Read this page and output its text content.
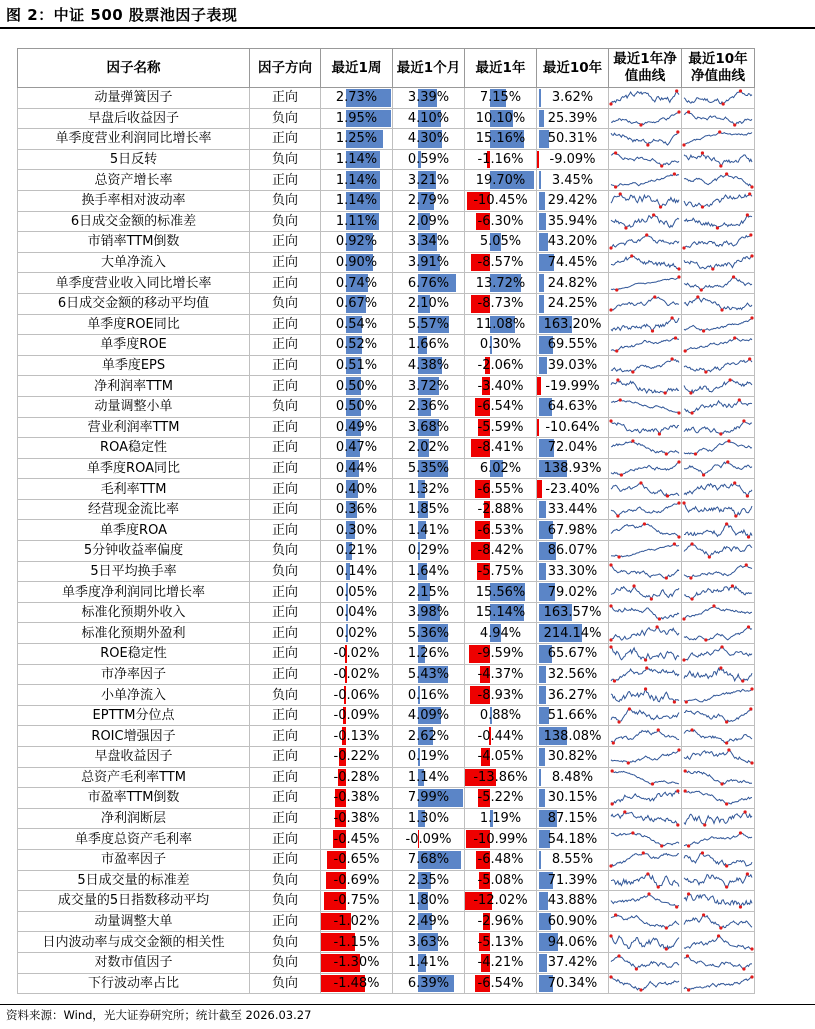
图 2：中证 500 股票池因子表现
因子名称	因子方向	最近1周	最近1个月	最近1年	最近10年	最近1年净值曲线	最近10年净值曲线
动量弹簧因子	正向	2.73%	3.39%	7.15%	3.62%	

早盘后收益因子	负向	1.95%	4.10%	10.10%	25.39%	

单季度营业利润同比增长率	正向	1.25%	4.30%	15.16%	50.31%	

5日反转	负向	1.14%	0.59%	-1.16%	-9.09%	

总资产增长率	正向	1.14%	3.21%	19.70%	3.45%	

换手率相对波动率	负向	1.14%	2.79%	-10.45%	29.42%	

6日成交金额的标准差	负向	1.11%	2.09%	-6.30%	35.94%	

市销率TTM倒数	正向	0.92%	3.34%	5.05%	43.20%	

大单净流入	正向	0.90%	3.91%	-8.57%	74.45%	

单季度营业收入同比增长率	正向	0.74%	6.76%	13.72%	24.82%	

6日成交金额的移动平均值	负向	0.67%	2.10%	-8.73%	24.25%	

单季度ROE同比	正向	0.54%	5.57%	11.08%	163.20%	

单季度ROE	正向	0.52%	1.66%	0.30%	69.55%	

单季度EPS	正向	0.51%	4.38%	-2.06%	39.03%	

净利润率TTM	正向	0.50%	3.72%	-3.40%	-19.99%	

动量调整小单	负向	0.50%	2.36%	-6.54%	64.63%	

营业利润率TTM	正向	0.49%	3.68%	-5.59%	-10.64%	

ROA稳定性	正向	0.47%	2.02%	-8.41%	72.04%	

单季度ROA同比	正向	0.44%	5.35%	6.02%	138.93%	

毛利率TTM	正向	0.40%	1.32%	-6.55%	-23.40%	

经营现金流比率	正向	0.36%	1.85%	-2.88%	33.44%	

单季度ROA	正向	0.30%	1.41%	-6.53%	67.98%	

5分钟收益率偏度	负向	0.21%	0.29%	-8.42%	86.07%	

5日平均换手率	负向	0.14%	1.64%	-5.75%	33.30%	

单季度净利润同比增长率	正向	0.05%	2.15%	15.56%	79.02%	

标准化预期外收入	正向	0.04%	3.98%	15.14%	163.57%	

标准化预期外盈利	正向	0.02%	5.36%	4.94%	214.14%	

ROE稳定性	正向	-0.02%	1.26%	-9.59%	65.67%	

市净率因子	正向	-0.02%	5.43%	-4.37%	32.56%	

小单净流入	负向	-0.06%	0.16%	-8.93%	36.27%	

EPTTM分位点	正向	-0.09%	4.09%	0.88%	51.66%	

ROIC增强因子	正向	-0.13%	2.62%	-0.44%	138.08%	

早盘收益因子	正向	-0.22%	0.19%	-4.05%	30.82%	

总资产毛利率TTM	正向	-0.28%	1.14%	-13.86%	8.48%	

市盈率TTM倒数	正向	-0.38%	7.99%	-5.22%	30.15%	

净利润断层	正向	-0.38%	1.30%	1.19%	87.15%	

单季度总资产毛利率	正向	-0.45%	-0.09%	-10.99%	54.18%	

市盈率因子	正向	-0.65%	7.68%	-6.48%	8.55%	

5日成交量的标准差	负向	-0.69%	2.35%	-5.08%	71.39%	

成交量的5日指数移动平均	负向	-0.75%	1.80%	-12.02%	43.88%	

动量调整大单	正向	-1.02%	2.49%	-2.96%	60.90%	

日内波动率与成交金额的相关性	负向	-1.15%	3.63%	-5.13%	94.06%	

对数市值因子	负向	-1.30%	1.41%	-4.21%	37.42%	

下行波动率占比	负向	-1.48%	6.39%	-6.54%	70.34%	

资料来源：Wind，光大证券研究所；统计截至 2026.03.27
